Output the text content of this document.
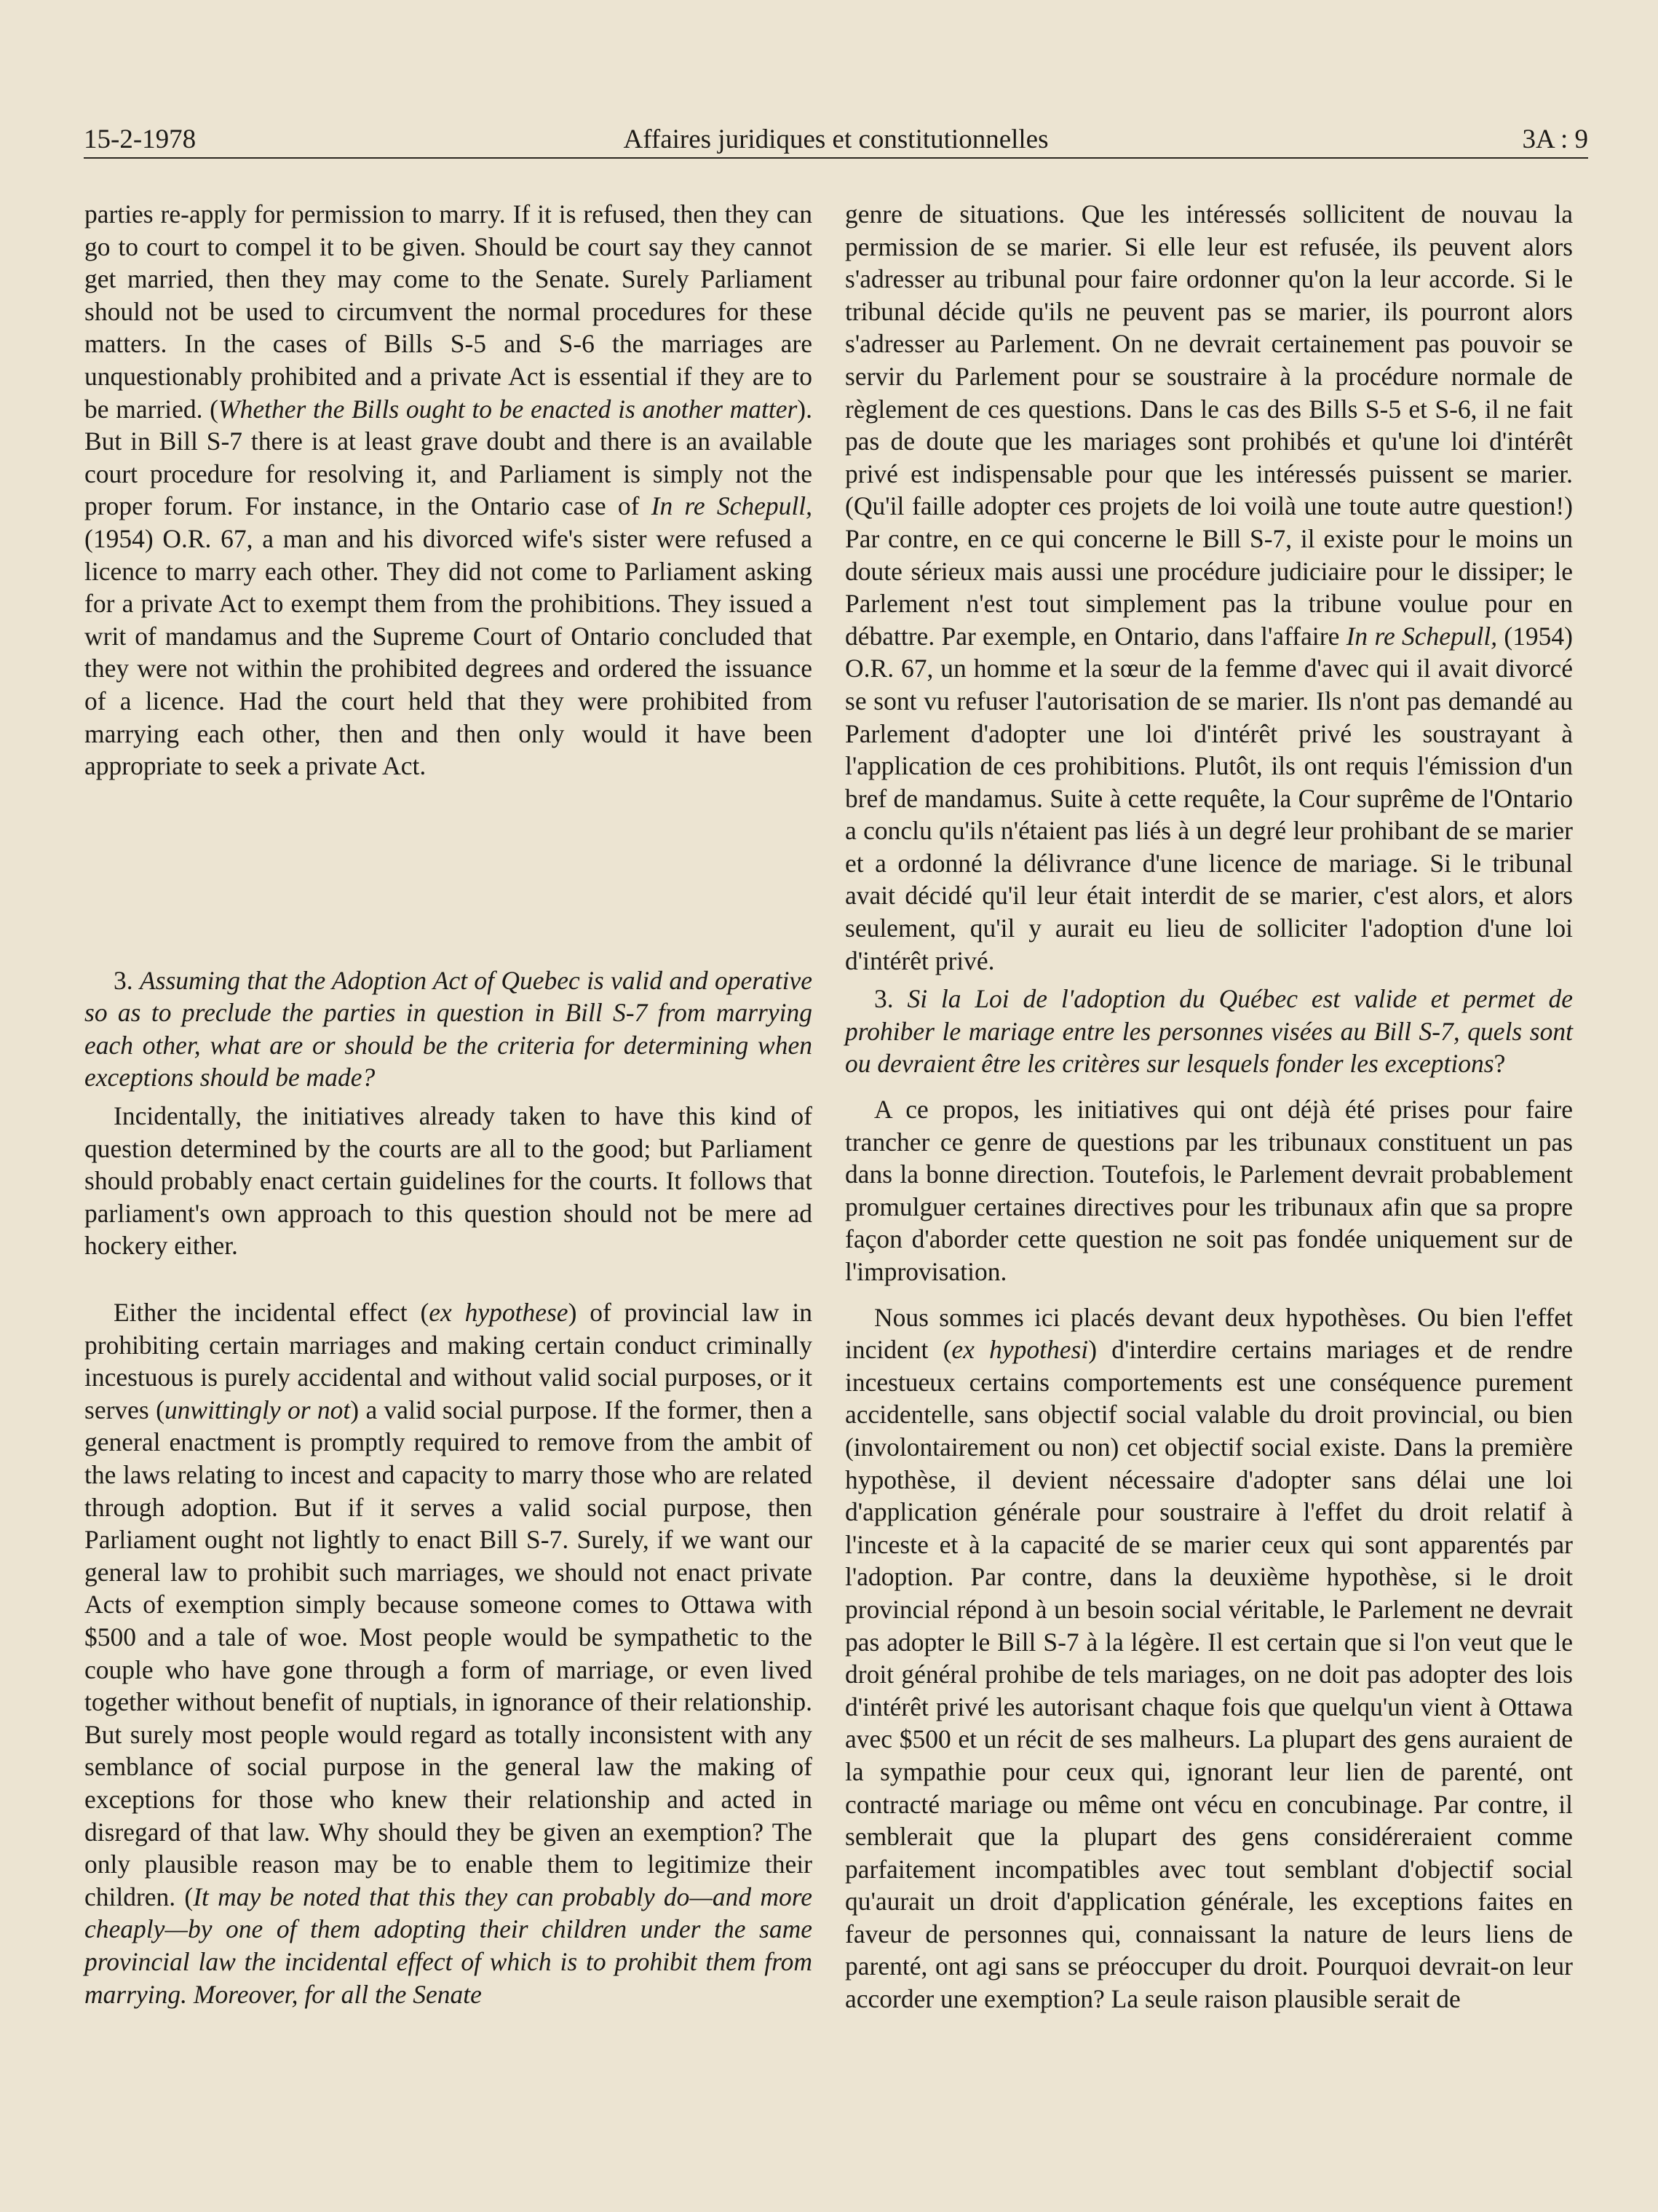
15-2-1978	Affaires juridiques et constitutionnelles	3A : 9

parties re-apply for permission to marry. If it is refused, then they can go to court to compel it to be given. Should be court say they cannot get married, then they may come to the Senate. Surely Parliament should not be used to circumvent the normal procedures for these matters. In the cases of Bills S-5 and S-6 the marriages are unquestionably prohibited and a private Act is essential if they are to be married. (Whether the Bills ought to be enacted is another matter). But in Bill S-7 there is at least grave doubt and there is an available court procedure for resolving it, and Parliament is simply not the proper forum. For instance, in the Ontario case of In re Schepull, (1954) O.R. 67, a man and his divorced wife's sister were refused a licence to marry each other. They did not come to Parliament asking for a private Act to exempt them from the prohibitions. They issued a writ of mandamus and the Supreme Court of Ontario concluded that they were not within the prohibited degrees and ordered the issuance of a licence. Had the court held that they were prohibited from marrying each other, then and then only would it have been appropriate to seek a private Act.

3. Assuming that the Adoption Act of Quebec is valid and operative so as to preclude the parties in question in Bill S-7 from marrying each other, what are or should be the criteria for determining when exceptions should be made?

Incidentally, the initiatives already taken to have this kind of question determined by the courts are all to the good; but Parliament should probably enact certain guidelines for the courts. It follows that parliament's own approach to this question should not be mere ad hockery either.

Either the incidental effect (ex hypothese) of provincial law in prohibiting certain marriages and making certain conduct criminally incestuous is purely accidental and without valid social purposes, or it serves (unwittingly or not) a valid social purpose. If the former, then a general enactment is promptly required to remove from the ambit of the laws relating to incest and capacity to marry those who are related through adoption. But if it serves a valid social purpose, then Parliament ought not lightly to enact Bill S-7. Surely, if we want our general law to prohibit such marriages, we should not enact private Acts of exemption simply because someone comes to Ottawa with $500 and a tale of woe. Most people would be sympathetic to the couple who have gone through a form of marriage, or even lived together without benefit of nuptials, in ignorance of their relationship. But surely most people would regard as totally inconsistent with any semblance of social purpose in the general law the making of exceptions for those who knew their relationship and acted in disregard of that law. Why should they be given an exemption? The only plausible reason may be to enable them to legitimize their children. (It may be noted that this they can probably do—and more cheaply—by one of them adopting their children under the same provincial law the incidental effect of which is to prohibit them from marrying. Moreover, for all the Senate

genre de situations. Que les intéressés sollicitent de nouvau la permission de se marier. Si elle leur est refusée, ils peuvent alors s'adresser au tribunal pour faire ordonner qu'on la leur accorde. Si le tribunal décide qu'ils ne peuvent pas se marier, ils pourront alors s'adresser au Parlement. On ne devrait certainement pas pouvoir se servir du Parlement pour se soustraire à la procédure normale de règlement de ces questions. Dans le cas des Bills S-5 et S-6, il ne fait pas de doute que les mariages sont prohibés et qu'une loi d'intérêt privé est indispensable pour que les intéressés puissent se marier. (Qu'il faille adopter ces projets de loi voilà une toute autre question!) Par contre, en ce qui concerne le Bill S-7, il existe pour le moins un doute sérieux mais aussi une procédure judiciaire pour le dissiper; le Parlement n'est tout simplement pas la tribune voulue pour en débattre. Par exemple, en Ontario, dans l'affaire In re Schepull, (1954) O.R. 67, un homme et la sœur de la femme d'avec qui il avait divorcé se sont vu refuser l'autorisation de se marier. Ils n'ont pas demandé au Parlement d'adopter une loi d'intérêt privé les soustrayant à l'application de ces prohibitions. Plutôt, ils ont requis l'émission d'un bref de mandamus. Suite à cette requête, la Cour suprême de l'Ontario a conclu qu'ils n'étaient pas liés à un degré leur prohibant de se marier et a ordonné la délivrance d'une licence de mariage. Si le tribunal avait décidé qu'il leur était interdit de se marier, c'est alors, et alors seulement, qu'il y aurait eu lieu de solliciter l'adoption d'une loi d'intérêt privé.

3. Si la Loi de l'adoption du Québec est valide et permet de prohiber le mariage entre les personnes visées au Bill S-7, quels sont ou devraient être les critères sur lesquels fonder les exceptions?

A ce propos, les initiatives qui ont déjà été prises pour faire trancher ce genre de questions par les tribunaux constituent un pas dans la bonne direction. Toutefois, le Parlement devrait probablement promulguer certaines directives pour les tribunaux afin que sa propre façon d'aborder cette question ne soit pas fondée uniquement sur de l'improvisation.

Nous sommes ici placés devant deux hypothèses. Ou bien l'effet incident (ex hypothesi) d'interdire certains mariages et de rendre incestueux certains comportements est une conséquence purement accidentelle, sans objectif social valable du droit provincial, ou bien (involontairement ou non) cet objectif social existe. Dans la première hypothèse, il devient nécessaire d'adopter sans délai une loi d'application générale pour soustraire à l'effet du droit relatif à l'inceste et à la capacité de se marier ceux qui sont apparentés par l'adoption. Par contre, dans la deuxième hypothèse, si le droit provincial répond à un besoin social véritable, le Parlement ne devrait pas adopter le Bill S-7 à la légère. Il est certain que si l'on veut que le droit général prohibe de tels mariages, on ne doit pas adopter des lois d'intérêt privé les autorisant chaque fois que quelqu'un vient à Ottawa avec $500 et un récit de ses malheurs. La plupart des gens auraient de la sympathie pour ceux qui, ignorant leur lien de parenté, ont contracté mariage ou même ont vécu en concubinage. Par contre, il semblerait que la plupart des gens considéreraient comme parfaitement incompatibles avec tout semblant d'objectif social qu'aurait un droit d'application générale, les exceptions faites en faveur de personnes qui, connaissant la nature de leurs liens de parenté, ont agi sans se préoccuper du droit. Pourquoi devrait-on leur accorder une exemption? La seule raison plausible serait de
